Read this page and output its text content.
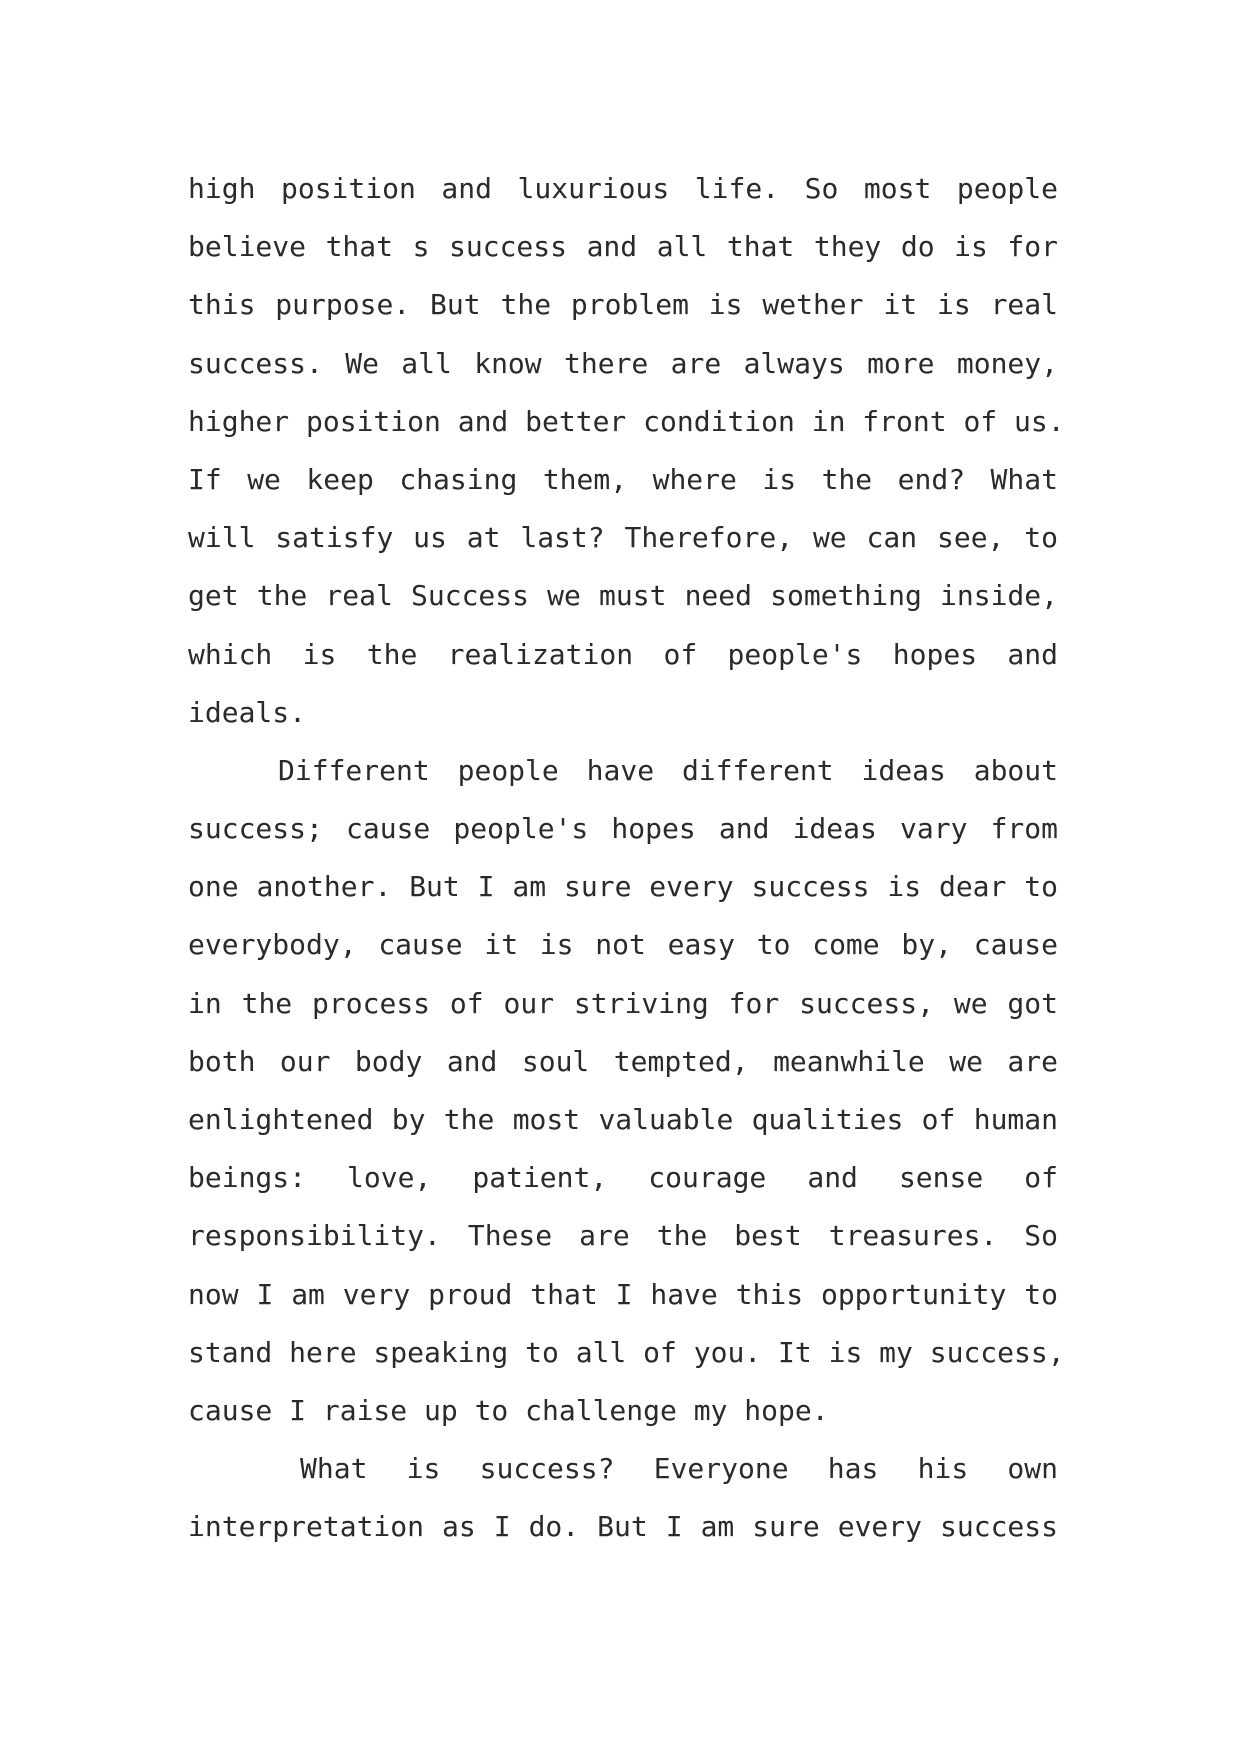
high position and luxurious life. So most people
believe that s success and all that they do is for
this purpose. But the problem is wether it is real
success. We all know there are always more money,
higher position and better condition in front of us.
If we keep chasing them, where is the end? What
will satisfy us at last? Therefore, we can see, to
get the real Success we must need something inside,
which is the realization of people's hopes and
ideals.
Different people have different ideas about
success; cause people's hopes and ideas vary from
one another. But I am sure every success is dear to
everybody, cause it is not easy to come by, cause
in the process of our striving for success, we got
both our body and soul tempted, meanwhile we are
enlightened by the most valuable qualities of human
beings: love, patient, courage and sense of
responsibility. These are the best treasures. So
now I am very proud that I have this opportunity to
stand here speaking to all of you. It is my success,
cause I raise up to challenge my hope.
What is success? Everyone has his own
interpretation as I do. But I am sure every success
